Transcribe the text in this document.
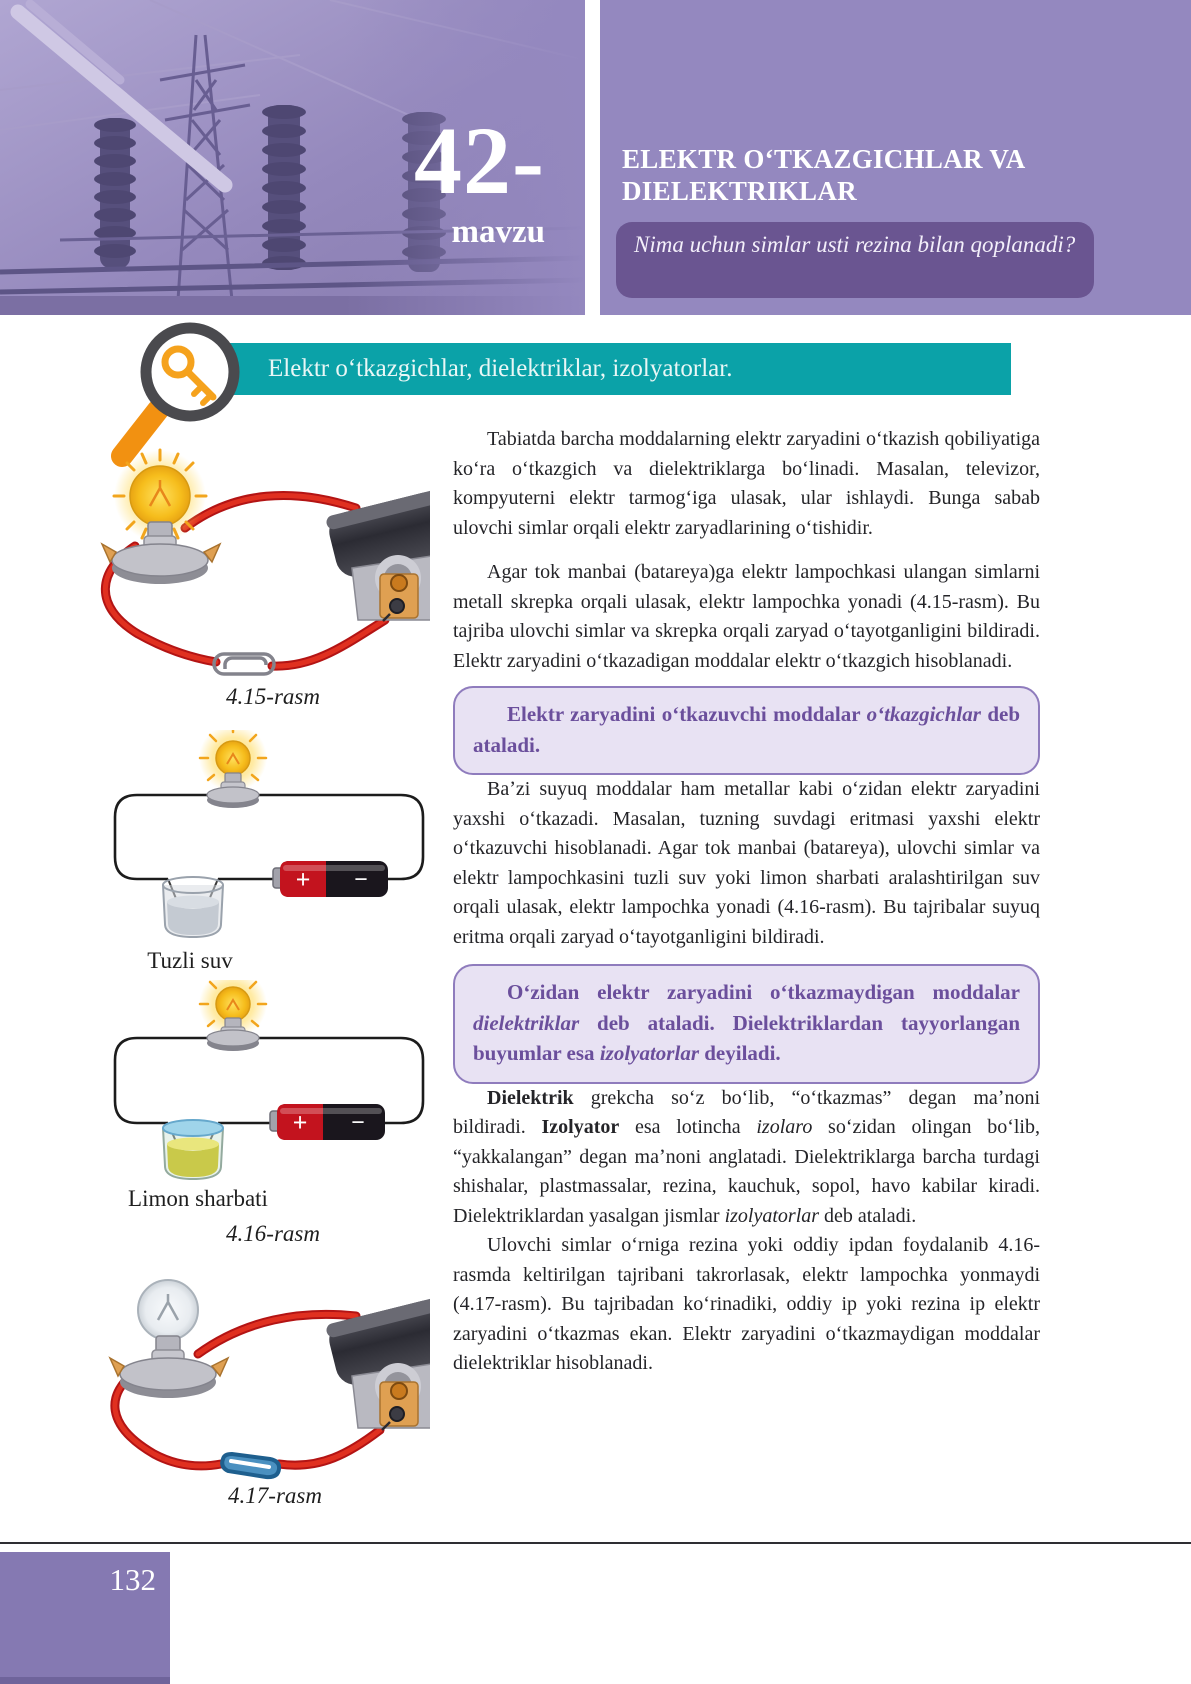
42-
mavzu
ELEKTR OʻTKAZGICHLAR VA DIELEKTRIKLAR
Nima uchun simlar usti rezina bilan qoplanadi?
Elektr oʻtkazgichlar, dielektriklar, izolyatorlar.
4.15-rasm
+ −
Tuzli suv
+ −
Limon sharbati
4.16-rasm
4.17-rasm

Tabiatda barcha moddalarning elektr zaryadini oʻtkazish qobiliyatiga koʻra oʻtkazgich va dielektriklarga boʻlinadi. Masalan, televizor, kompyuterni elektr tarmogʻiga ulasak, ular ishlaydi. Bunga sabab ulovchi simlar orqali elektr zaryadlarining oʻtishidir.

Agar tok manbai (batareya)ga elektr lampochkasi ulangan simlarni metall skrepka orqali ulasak, elektr lampochka yonadi (4.15-rasm). Bu tajriba ulovchi simlar va skrepka orqali zaryad oʻtayotganligini bildiradi. Elektr zaryadini oʻtkazadigan moddalar elektr oʻtkazgich hisoblanadi.

Elektr zaryadini oʻtkazuvchi moddalar oʻtkazgichlar deb ataladi.

Baʼzi suyuq moddalar ham metallar kabi oʻzidan elektr zaryadini yaxshi oʻtkazadi. Masalan, tuzning suvdagi eritmasi yaxshi elektr oʻtkazuvchi hisoblanadi. Agar tok manbai (batareya), ulovchi simlar va elektr lampochkasini tuzli suv yoki limon sharbati aralashtirilgan suv orqali ulasak, elektr lampochka yonadi (4.16-rasm). Bu tajribalar suyuq eritma orqali zaryad oʻtayotganligini bildiradi.

Oʻzidan elektr zaryadini oʻtkazmaydigan moddalar dielektriklar deb ataladi. Dielektriklardan tayyorlangan buyumlar esa izolyatorlar deyiladi.

Dielektrik grekcha soʻz boʻlib, “oʻtkazmas” degan maʼnoni bildiradi. Izolyator esa lotincha izolaro soʻzidan olingan boʻlib, “yakkalangan” degan maʼnoni anglatadi. Dielektriklarga barcha turdagi shishalar, plastmassalar, rezina, kauchuk, sopol, havo kabilar kiradi. Dielektriklardan yasalgan jismlar izolyatorlar deb ataladi.

Ulovchi simlar oʻrniga rezina yoki oddiy ipdan foydalanib 4.16-rasmda keltirilgan tajribani takrorlasak, elektr lampochka yonmaydi (4.17-rasm). Bu tajribadan koʻrinadiki, oddiy ip yoki rezina ip elektr zaryadini oʻtkazmas ekan. Elektr zaryadini oʻtkazmaydigan moddalar dielektriklar hisoblanadi.

132
